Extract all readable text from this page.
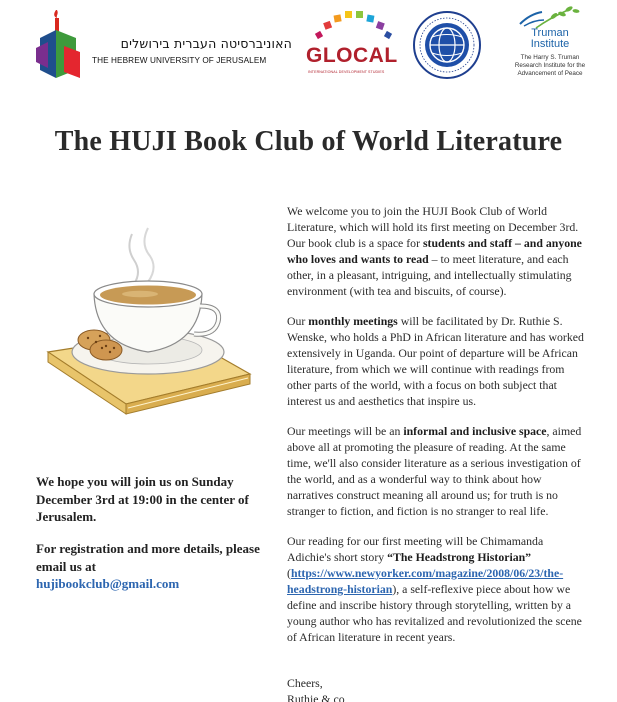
האוניברסיטה העברית בירושלים
THE HEBREW UNIVERSITY OF JERUSALEM	GLOCAL
INTERNATIONAL DEVELOPMENT STUDIES
Truman
Institute
The Harry S. Truman
Research Institute for the
Advancement of Peace
The HUJI Book Club of World Literature
We hope you will join us on Sunday December 3rd at 19:00 in the center of Jerusalem.
For registration and more details, please email us at
hujibookclub@gmail.com

We welcome you to join the HUJI Book Club of World Literature, which will hold its first meeting on December 3rd. Our book club is a space for students and staff – and anyone who loves and wants to read – to meet literature, and each other, in a pleasant, intriguing, and intellectually stimulating environment (with tea and biscuits, of course).

Our monthly meetings will be facilitated by Dr. Ruthie S. Wenske, who holds a PhD in African literature and has worked extensively in Uganda. Our point of departure will be African literature, from which we will continue with readings from other parts of the world, with a focus on both subject that interest us and aesthetics that inspire us.

Our meetings will be an informal and inclusive space, aimed above all at promoting the pleasure of reading. At the same time, we'll also consider literature as a serious investigation of the world, and as a wonderful way to think about how narratives construct meaning all around us; for truth is no stranger to fiction, and fiction is no stranger to real life.

Our reading for our first meeting will be Chimamanda Adichie's short story “The Headstrong Historian” (https://www.newyorker.com/magazine/2008/06/23/the-headstrong-historian), a self-reflexive piece about how we define and inscribe history through storytelling, written by a young author who has revitalized and revolutionized the scene of African literature in recent years.

Cheers,
Ruthie & co
